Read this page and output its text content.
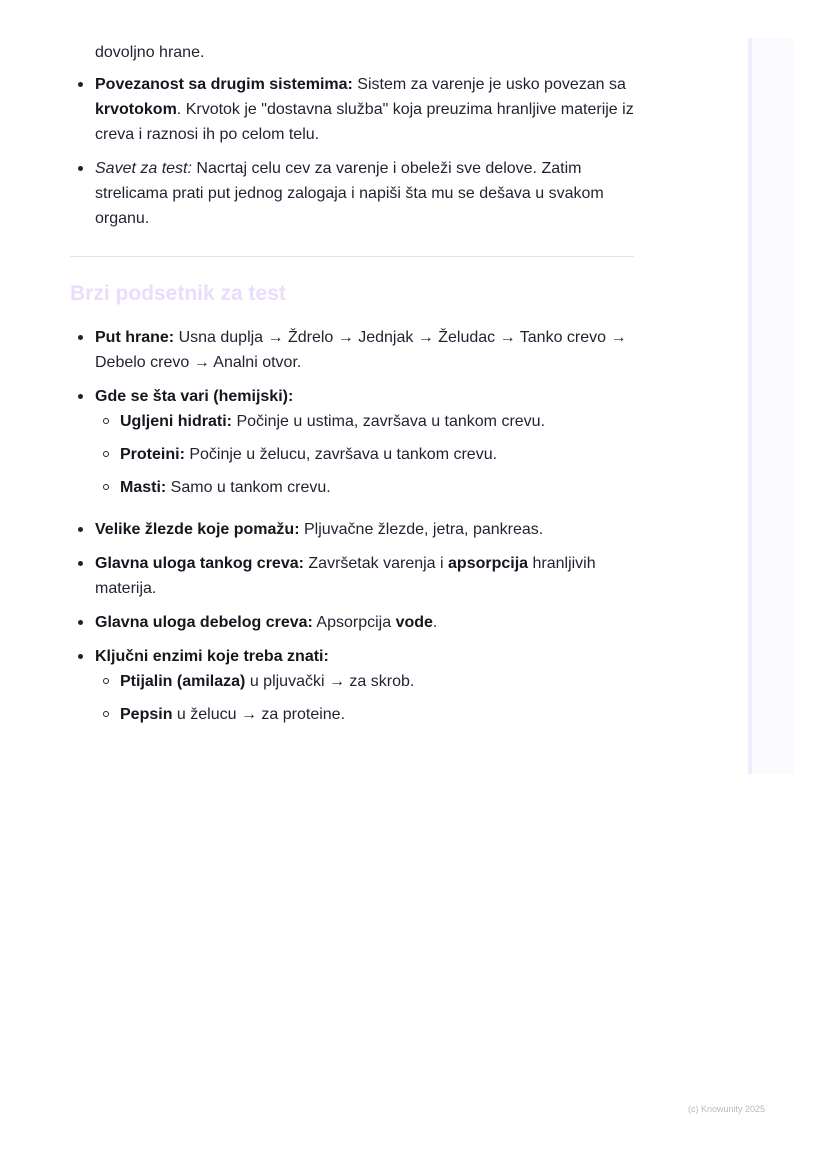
dovoljno hrane.

Povezanost sa drugim sistemima: Sistem za varenje je usko povezan sa krvotokom. Krvotok je "dostavna služba" koja preuzima hranljive materije iz creva i raznosi ih po celom telu.
Savet za test: Nacrtaj celu cev za varenje i obeleži sve delove. Zatim strelicama prati put jednog zalogaja i napiši šta mu se dešava u svakom organu.
Brzi podsetnik za test
Put hrane: Usna duplja → Ždrelo → Jednjak → Želudac → Tanko crevo → Debelo crevo → Analni otvor.
Gde se šta vari (hemijski):
Ugljeni hidrati: Počinje u ustima, završava u tankom crevu.
Proteini: Počinje u želucu, završava u tankom crevu.
Masti: Samo u tankom crevu.
Velike žlezde koje pomažu: Pljuvačne žlezde, jetra, pankreas.
Glavna uloga tankog creva: Završetak varenja i apsorpcija hranljivih materija.
Glavna uloga debelog creva: Apsorpcija vode.
Ključni enzimi koje treba znati:
Ptijalin (amilaza) u pljuvački → za skrob.
Pepsin u želucu → za proteine.
(c) Knowunity 2025
